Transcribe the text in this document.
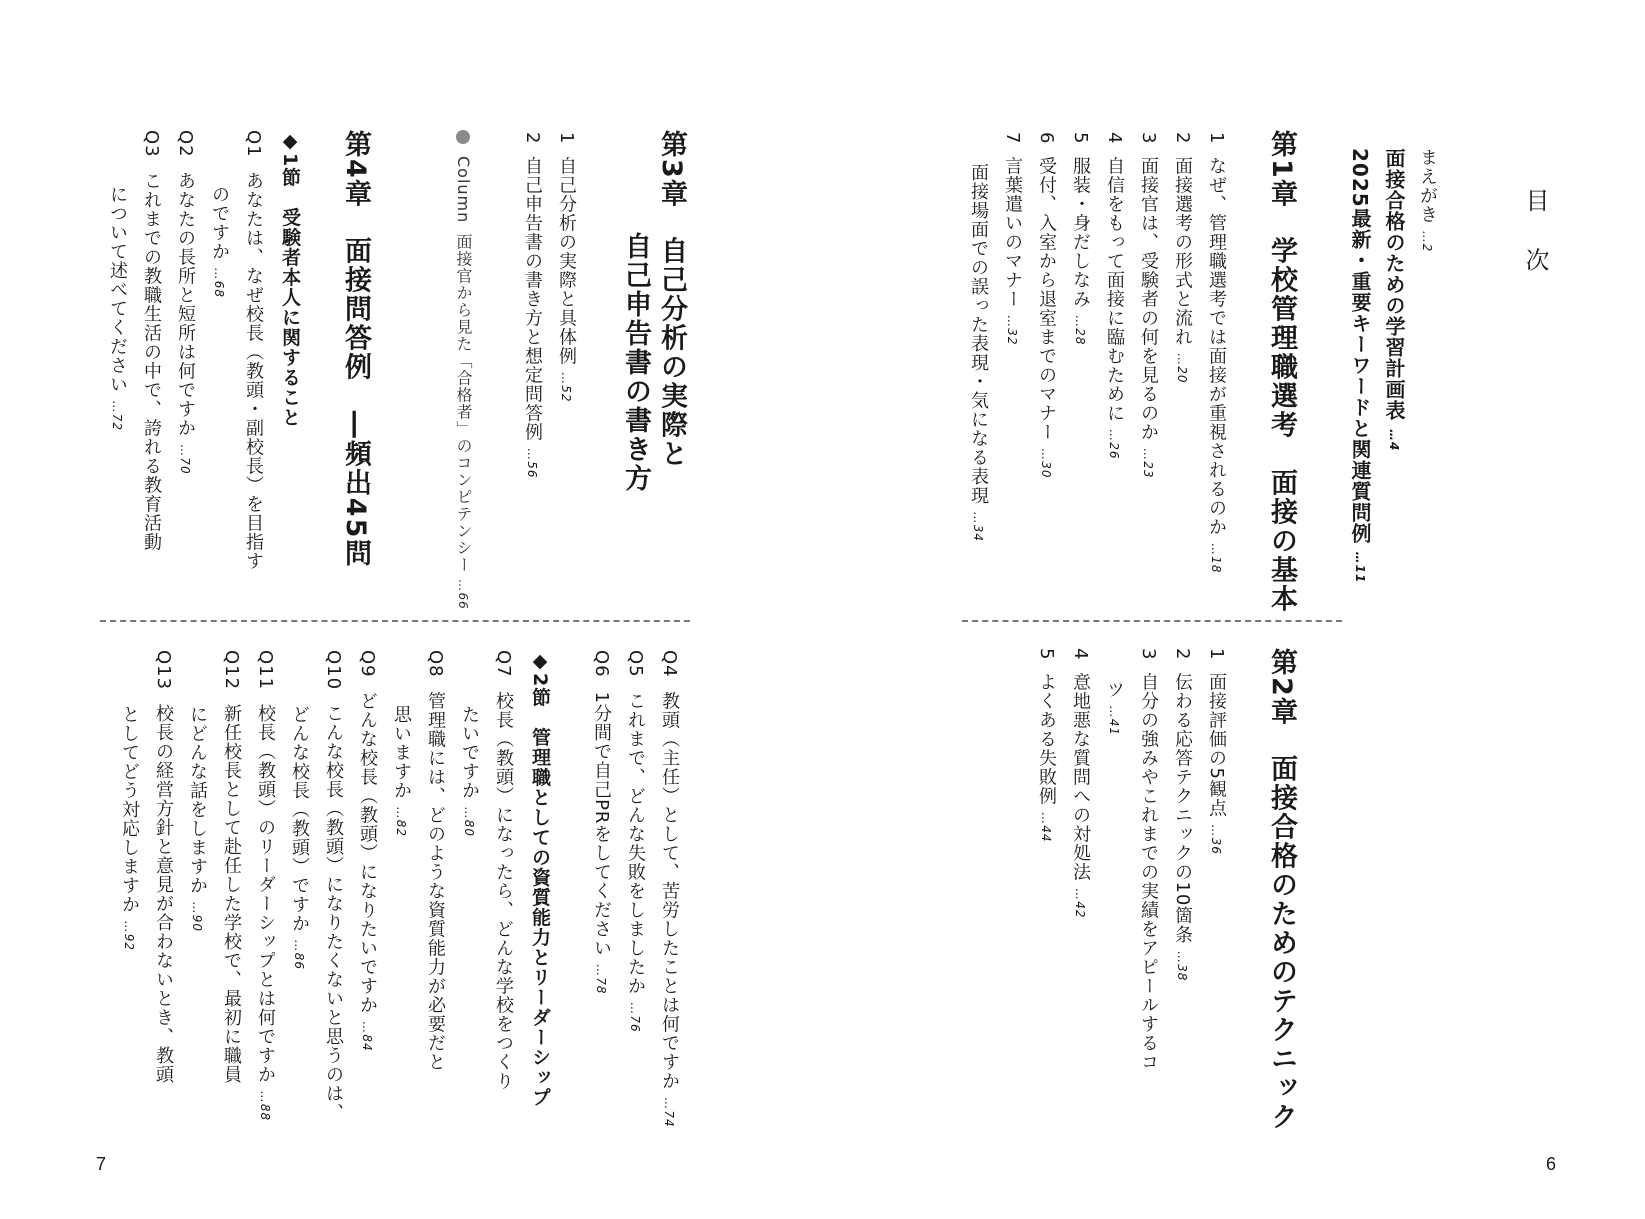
目 次
まえがき …2
面接合格のための学習計画表 …4
2025最新・重要キーワードと関連質問例 …11
第1章学校管理職選考　面接の基本
1なぜ、管理職選考では面接が重視されるのか …18
2面接選考の形式と流れ …20
3面接官は、受験者の何を見るのか …23
4自信をもって面接に臨むために …26
5服装・身だしなみ …28
6受付、入室から退室までのマナー …30
7言葉遣いのマナー …32
面接場面での誤った表現・気になる表現 …34
第2章面接合格のためのテクニック
1面接評価の5観点 …36
2伝わる応答テクニックの10箇条 …38
3自分の強みやこれまでの実績をアピールするコ
ツ …41
4意地悪な質問への対処法 …42
5よくある失敗例 …44
6
第3章自己分析の実際と
自己申告書の書き方
1自己分析の実際と具体例 …52
2自己申告書の書き方と想定問答例 …56
Column面接官から見た「合格者」のコンピテンシー …66
第4章面接問答例　―頻出45問
◆1節　受験者本人に関すること
Q1あなたは、なぜ校長（教頭・副校長）を目指す
のですか …68
Q2あなたの長所と短所は何ですか …70
Q3これまでの教職生活の中で、誇れる教育活動
について述べてください …72
Q4教頭（主任）として、苦労したことは何ですか …74
Q5これまで、どんな失敗をしましたか …76
Q61分間で自己PRをしてください …78
◆2節　管理職としての資質能力とリーダーシップ
Q7校長（教頭）になったら、どんな学校をつくり
たいですか …80
Q8管理職には、どのような資質能力が必要だと
思いますか …82
Q9どんな校長（教頭）になりたいですか …84
Q10こんな校長（教頭）になりたくないと思うのは、
どんな校長（教頭）ですか …86
Q11校長（教頭）のリーダーシップとは何ですか …88
Q12新任校長として赴任した学校で、最初に職員
にどんな話をしますか …90
Q13校長の経営方針と意見が合わないとき、教頭
としてどう対応しますか …92
7
